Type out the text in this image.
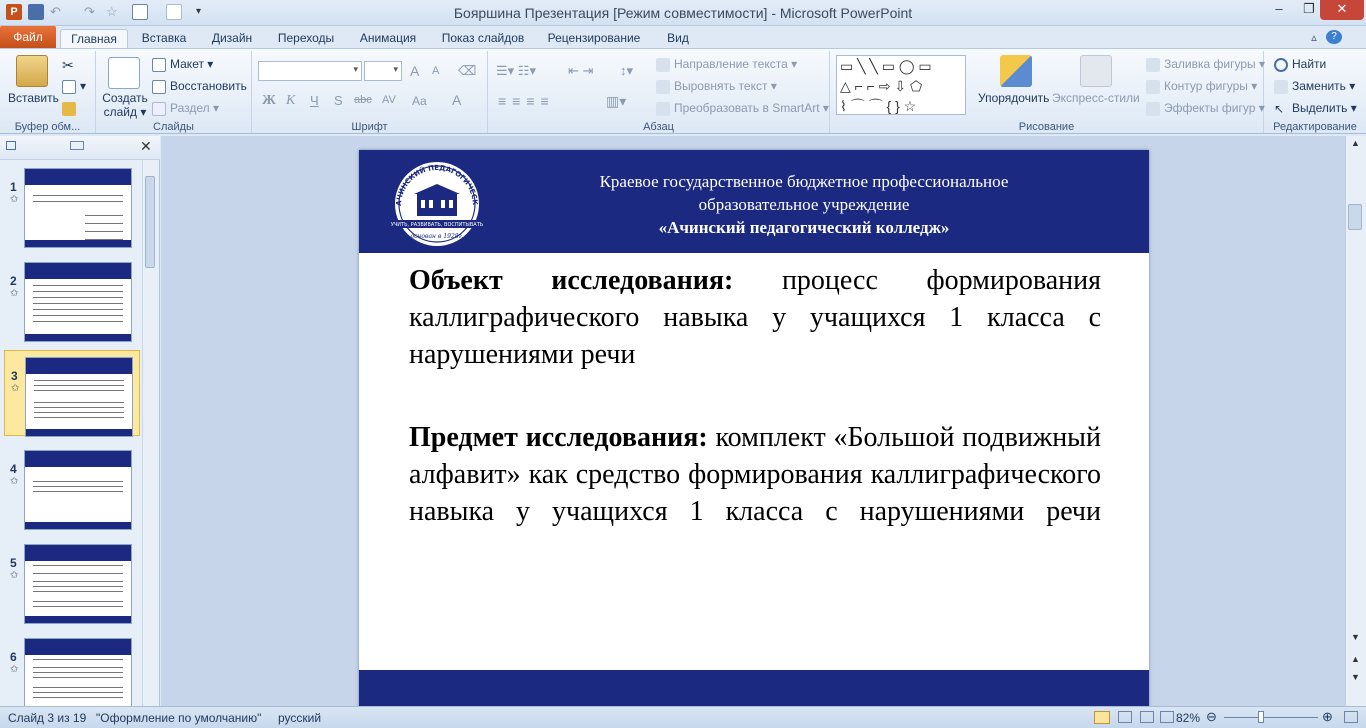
P	↶	↷ ☆	▾	Бояршина Презентация [Режим совместимости] - Microsoft PowerPoint	–	❐	✕
Файл	Главная	Вставка	Дизайн	Переходы	Анимация	Показ слайдов	Рецензирование	Вид	▵	?
Вставить
✂
▾
Буфер обм...
Создать
слайд ▾
Макет ▾
Восстановить
Раздел ▾
Слайды
▾	▾ A A ⌫
Ж К Ч S abc AV Aa A
Шрифт
☰▾ ☷▾ ⇤ ⇥ ↕▾
≡≡≡≡	▥▾
Направление текста ▾
Выровнять текст ▾
Преобразовать в SmartArt ▾
Абзац
▭ ╲ ╲ ▭ ◯ ▭
△ ⌐ ⌐ ⇨ ⇩ ⬠
⌇ ⌒ ⌒ { } ☆	Упорядочить Экспресс-стили
Заливка фигуры ▾
Контур фигуры ▾
Эффекты фигур ▾
Рисование
Найти
Заменить ▾
↖ Выделить ▾
Редактирование
✕
1
✩
2
✩
3
✩
4
✩
5
✩
6
✩
АЧИНСКИЙ ПЕДАГОГИЧЕСК
УЧИТЬ, РАЗВИВАТЬ, ВОСПИТЫВАТЬ
основан в 1928г.
Краевое государственное бюджетное профессиональное
образовательное учреждение
«Ачинский педагогический колледж»

Объект исследования: процесс формирования каллиграфического навыка у учащихся 1 класса с нарушениями речи

Предмет исследования: комплект «Большой подвижный алфавит» как средство формирования каллиграфического навыка у учащихся 1 класса с нарушениями речи

▲
▼
▲
▼
Слайд 3 из 19 "Оформление по умолчанию" русский	82% ⊖	⊕
